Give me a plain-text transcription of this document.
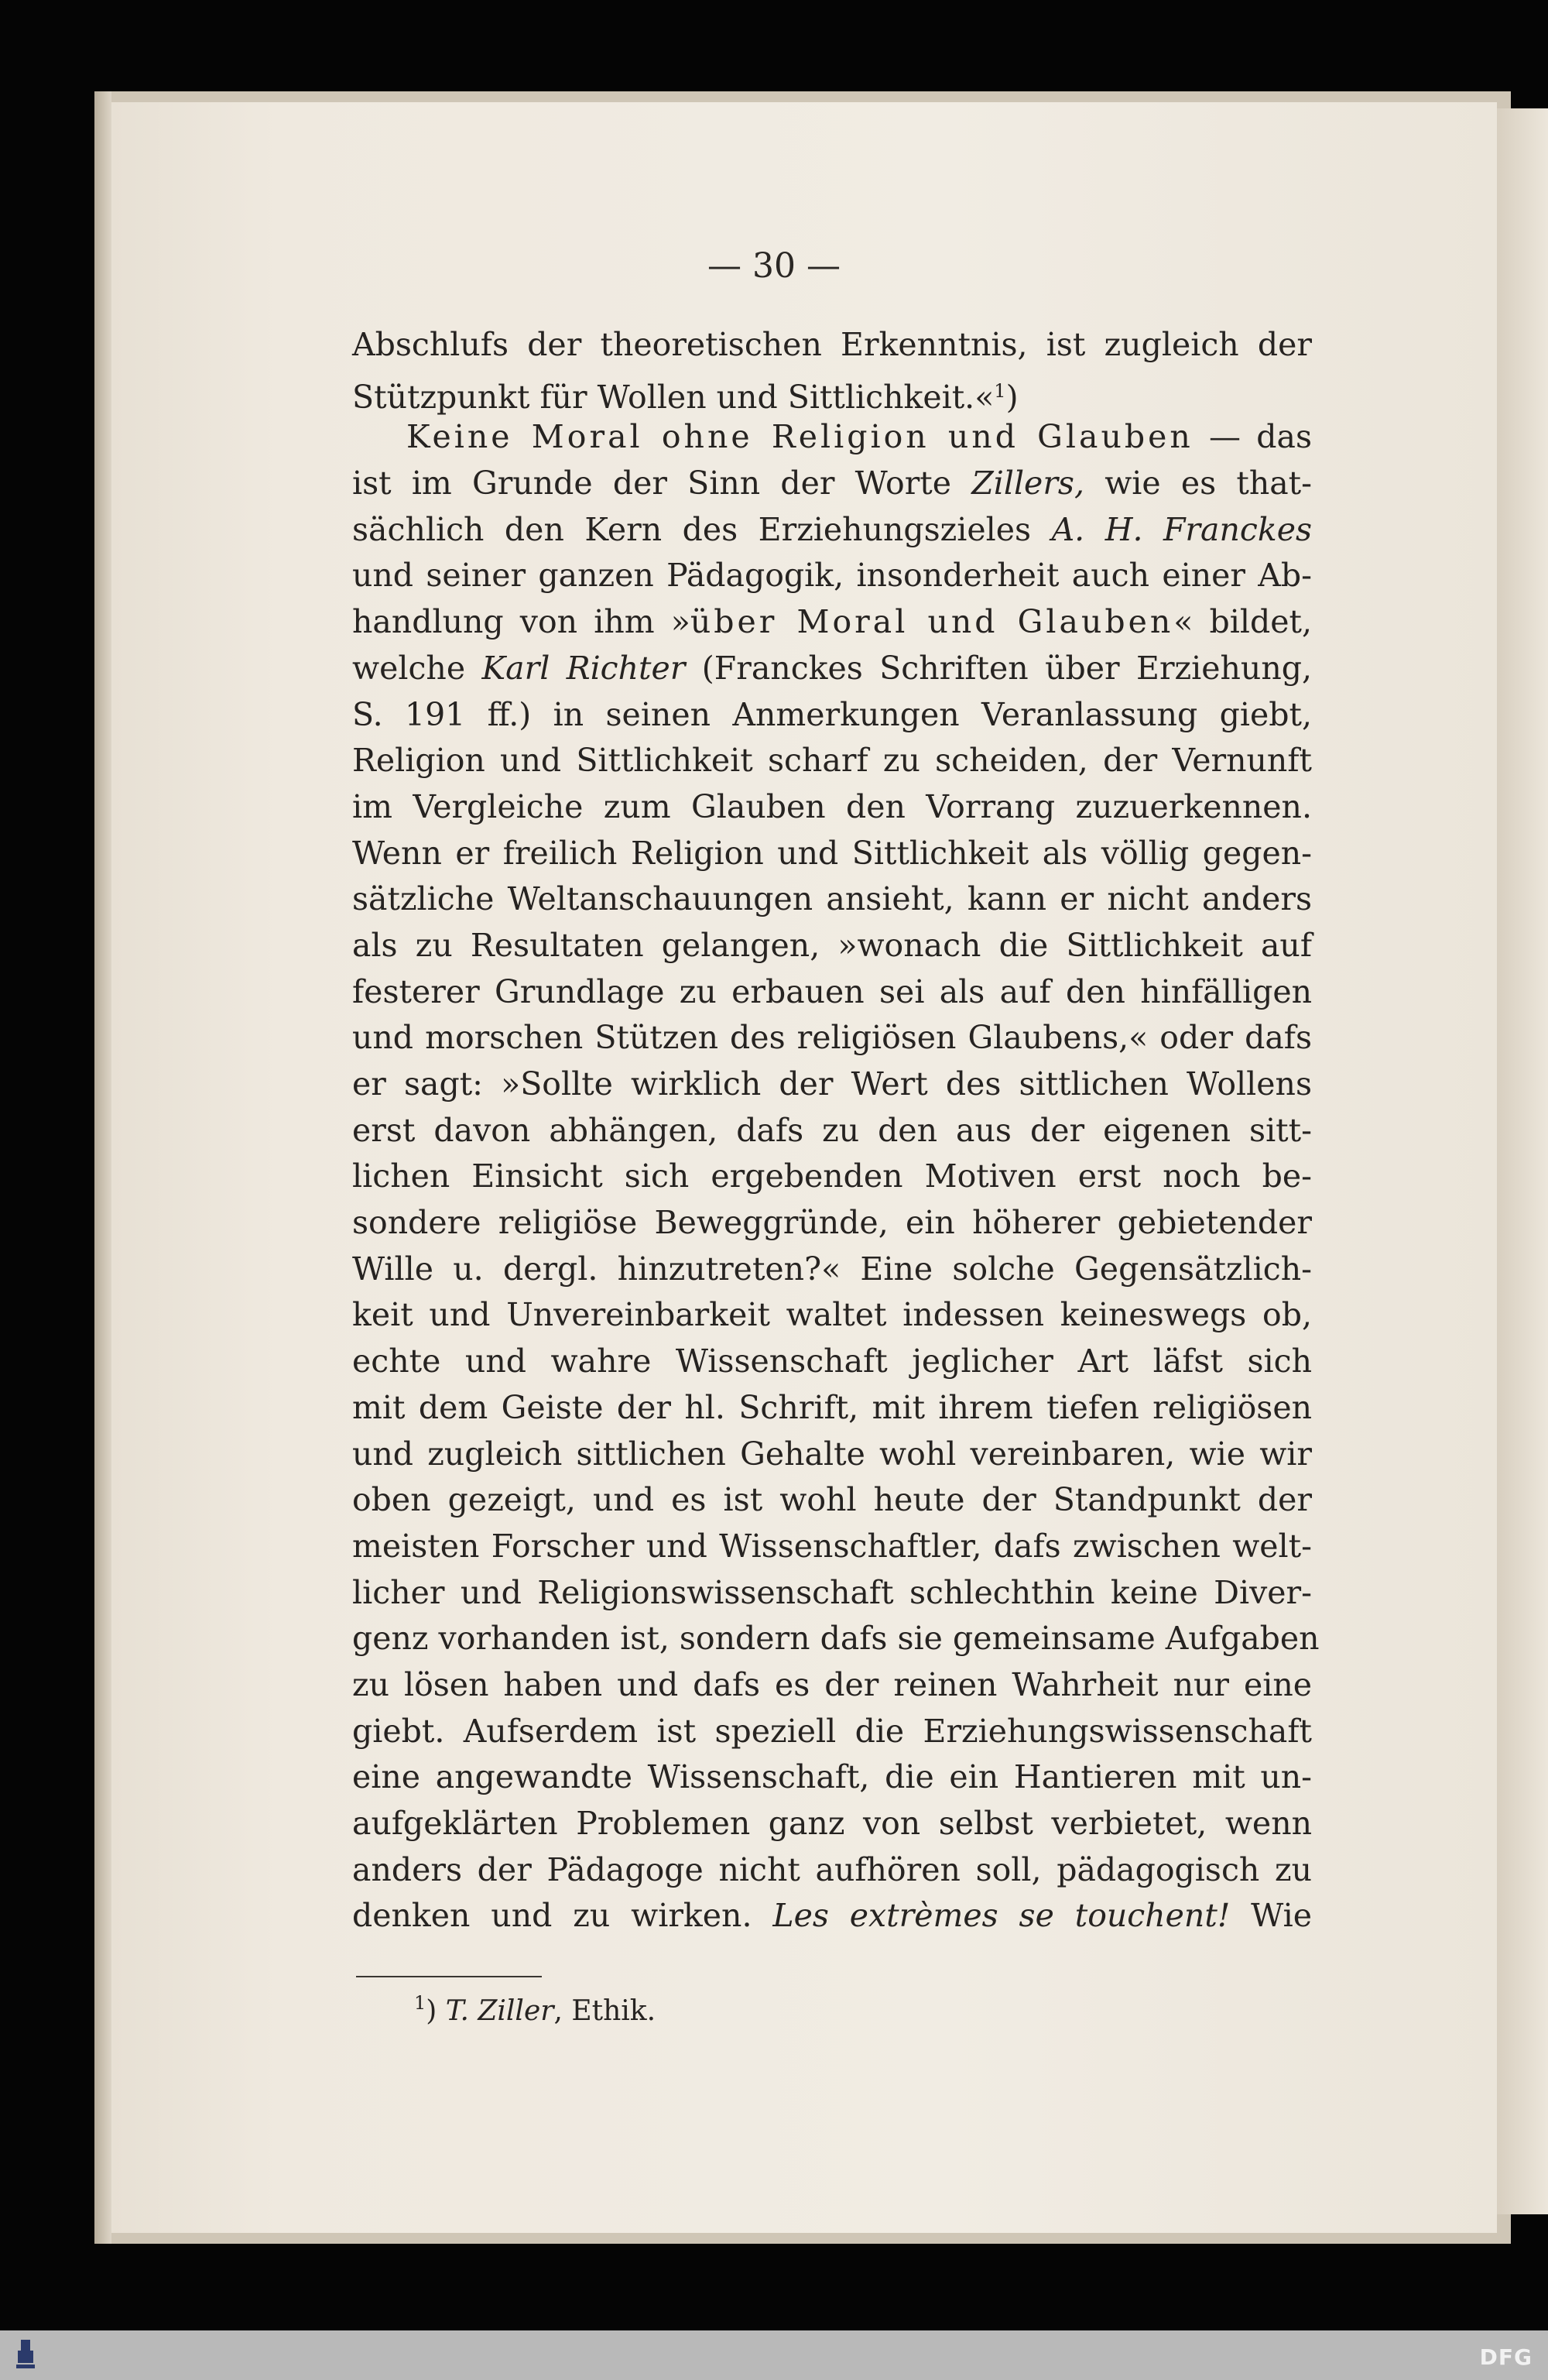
— 30 —
Abschlufs der theoretischen Erkenntnis, ist zugleich der
Stützpunkt für Wollen und Sittlichkeit.«$^1$)
Keine Moral ohne Religion und Glauben — das
ist im Grunde der Sinn der Worte Zillers, wie es that-
sächlich den Kern des Erziehungszieles A. H. Franckes
und seiner ganzen Pädagogik, insonderheit auch einer Ab-
handlung von ihm »über Moral und Glauben« bildet,
welche Karl Richter (Franckes Schriften über Erziehung,
S. 191 ff.) in seinen Anmerkungen Veranlassung giebt,
Religion und Sittlichkeit scharf zu scheiden, der Vernunft
im Vergleiche zum Glauben den Vorrang zuzuerkennen.
Wenn er freilich Religion und Sittlichkeit als völlig gegen-
sätzliche Weltanschauungen ansieht, kann er nicht anders
als zu Resultaten gelangen, »wonach die Sittlichkeit auf
festerer Grundlage zu erbauen sei als auf den hinfälligen
und morschen Stützen des religiösen Glaubens,« oder dafs
er sagt: »Sollte wirklich der Wert des sittlichen Wollens
erst davon abhängen, dafs zu den aus der eigenen sitt-
lichen Einsicht sich ergebenden Motiven erst noch be-
sondere religiöse Beweggründe, ein höherer gebietender
Wille u. dergl. hinzutreten?« Eine solche Gegensätzlich-
keit und Unvereinbarkeit waltet indessen keineswegs ob,
echte und wahre Wissenschaft jeglicher Art läfst sich
mit dem Geiste der hl. Schrift, mit ihrem tiefen religiösen
und zugleich sittlichen Gehalte wohl vereinbaren, wie wir
oben gezeigt, und es ist wohl heute der Standpunkt der
meisten Forscher und Wissenschaftler, dafs zwischen welt-
licher und Religionswissenschaft schlechthin keine Diver-
genz vorhanden ist, sondern dafs sie gemeinsame Aufgaben
zu lösen haben und dafs es der reinen Wahrheit nur eine
giebt. Aufserdem ist speziell die Erziehungswissenschaft
eine angewandte Wissenschaft, die ein Hantieren mit un-
aufgeklärten Problemen ganz von selbst verbietet, wenn
anders der Pädagoge nicht aufhören soll, pädagogisch zu
denken und zu wirken. Les extrèmes se touchent! Wie
$^1$) T. Ziller, Ethik.
DFG
